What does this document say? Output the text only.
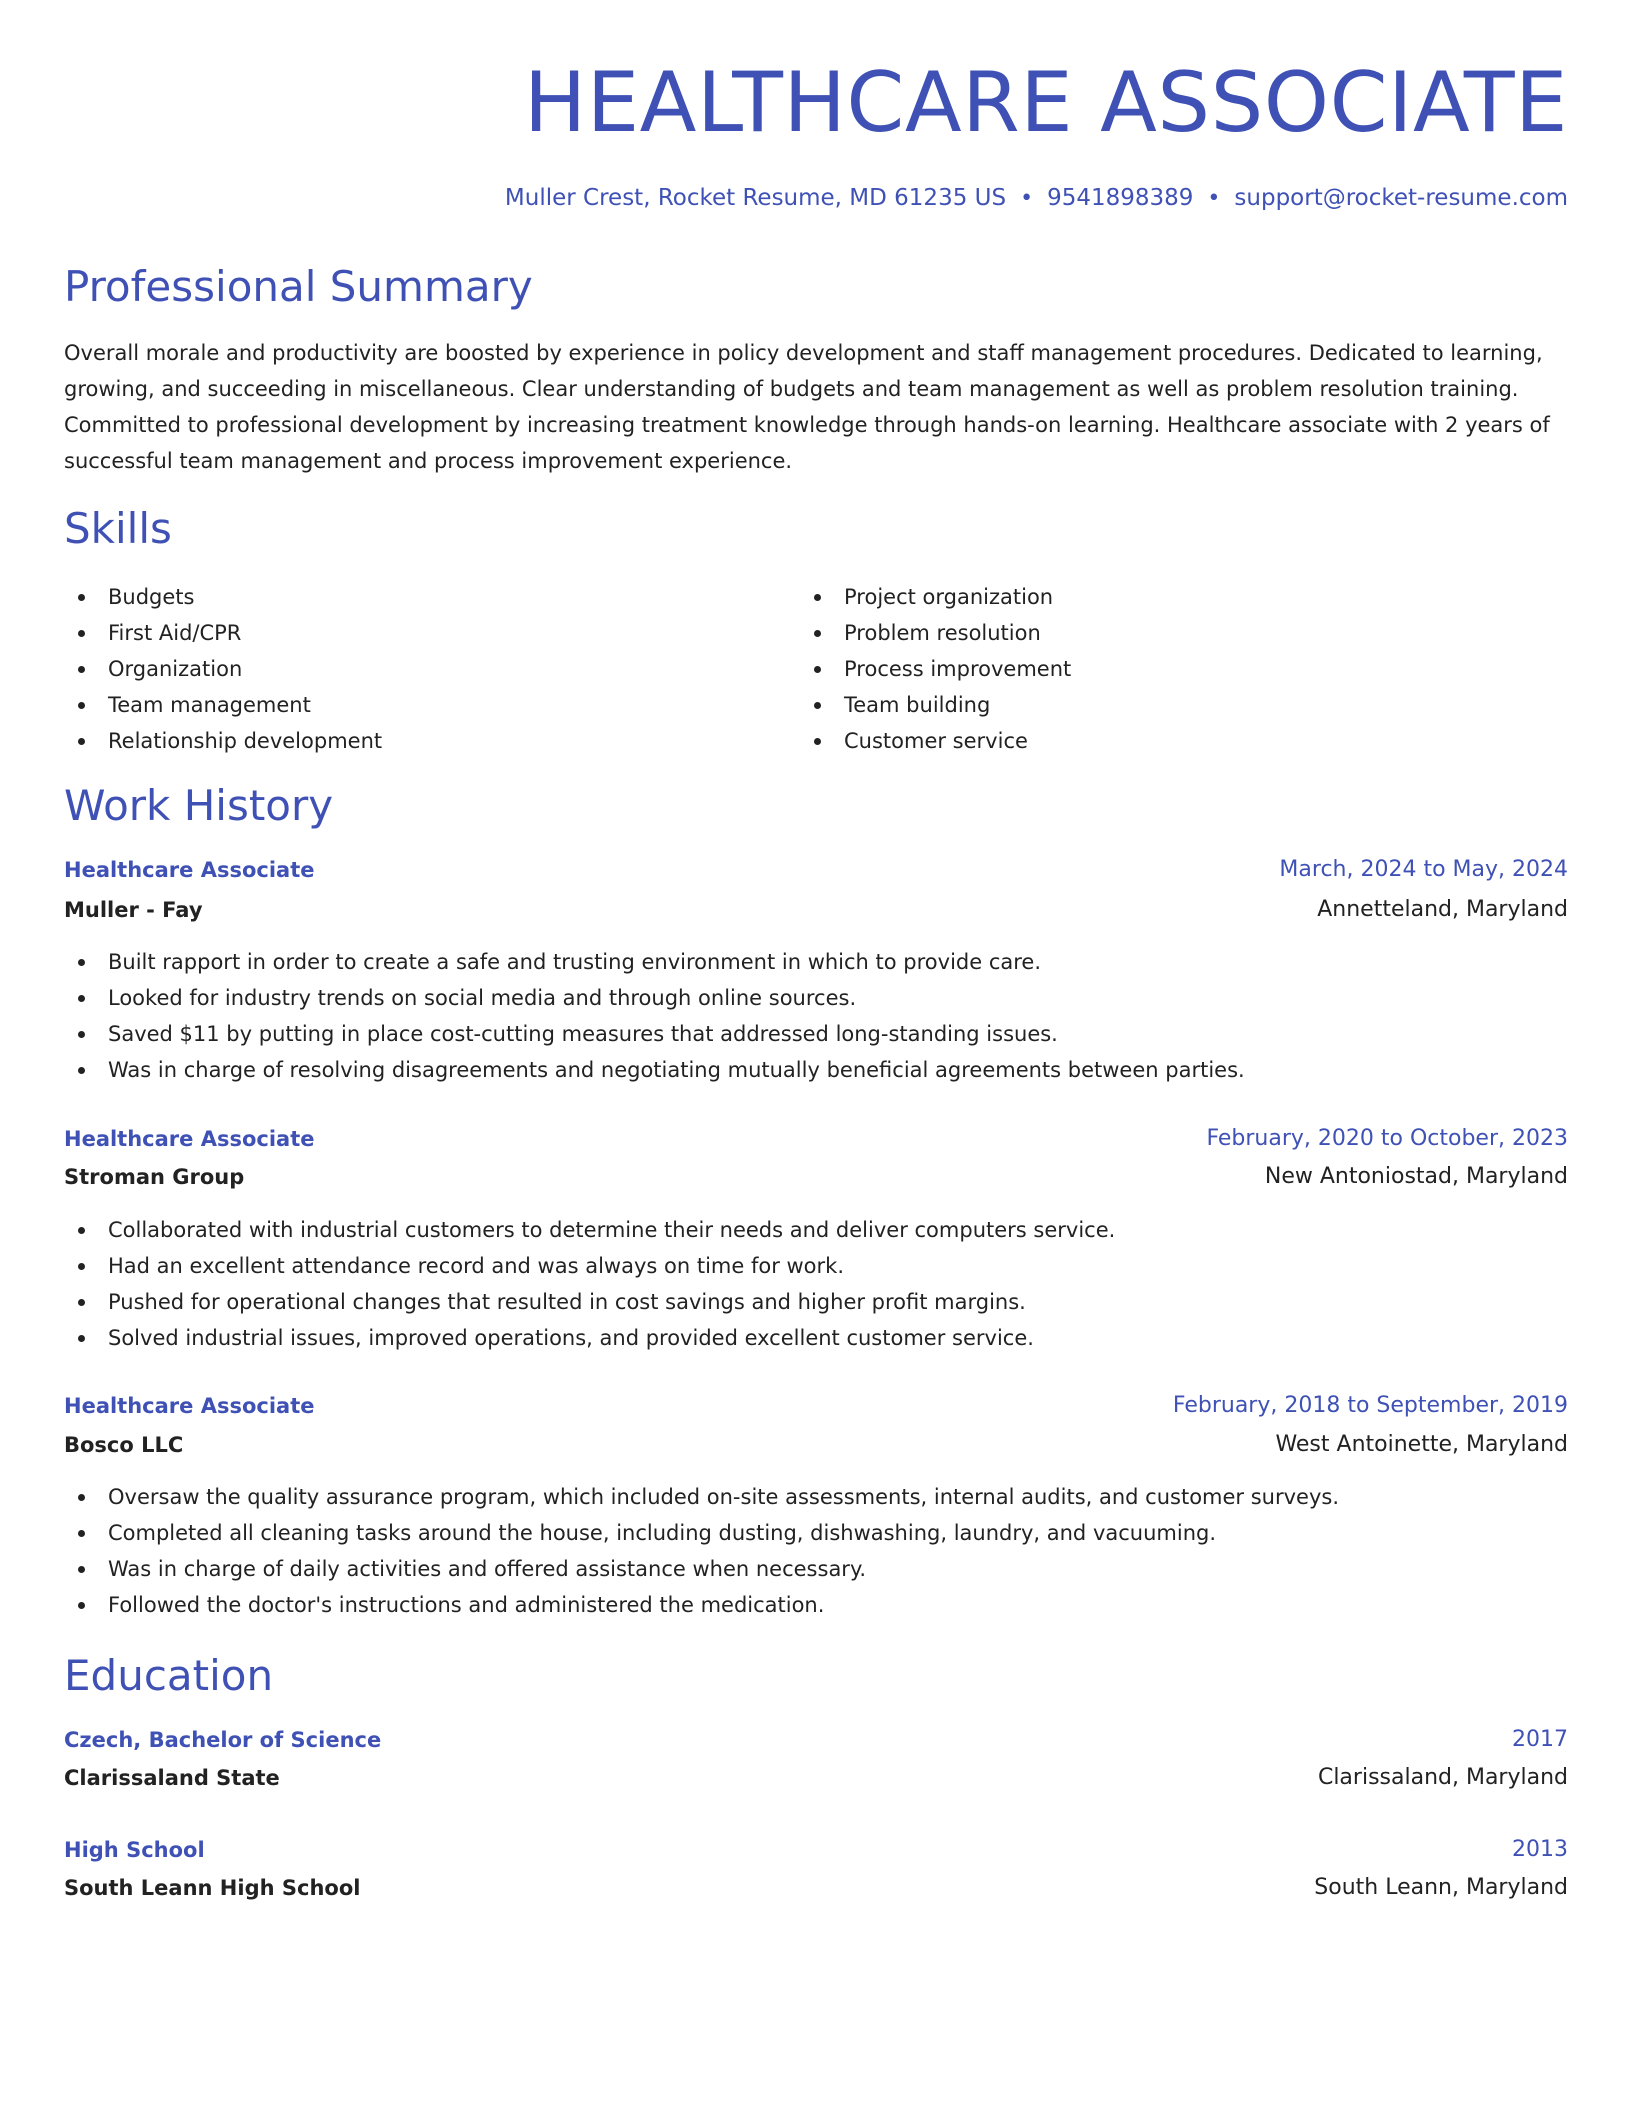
HEALTHCARE ASSOCIATE
Muller Crest, Rocket Resume, MD 61235 US • 9541898389 • support@rocket-resume.com
Professional Summary

Overall morale and productivity are boosted by experience in policy development and staff management procedures. Dedicated to learning,

growing, and succeeding in miscellaneous. Clear understanding of budgets and team management as well as problem resolution training.

Committed to professional development by increasing treatment knowledge through hands-on learning. Healthcare associate with 2 years of

successful team management and process improvement experience.

Skills
Budgets
First Aid/CPR
Organization
Team management
Relationship development
Project organization
Problem resolution
Process improvement
Team building
Customer service
Work History
Healthcare Associate	March, 2024 to May, 2024
Muller - Fay	Annetteland, Maryland
Built rapport in order to create a safe and trusting environment in which to provide care.
Looked for industry trends on social media and through online sources.
Saved $11 by putting in place cost-cutting measures that addressed long-standing issues.
Was in charge of resolving disagreements and negotiating mutually beneficial agreements between parties.
Healthcare Associate	February, 2020 to October, 2023
Stroman Group	New Antoniostad, Maryland
Collaborated with industrial customers to determine their needs and deliver computers service.
Had an excellent attendance record and was always on time for work.
Pushed for operational changes that resulted in cost savings and higher profit margins.
Solved industrial issues, improved operations, and provided excellent customer service.
Healthcare Associate	February, 2018 to September, 2019
Bosco LLC	West Antoinette, Maryland
Oversaw the quality assurance program, which included on-site assessments, internal audits, and customer surveys.
Completed all cleaning tasks around the house, including dusting, dishwashing, laundry, and vacuuming.
Was in charge of daily activities and offered assistance when necessary.
Followed the doctor's instructions and administered the medication.
Education
Czech, Bachelor of Science	2017
Clarissaland State	Clarissaland, Maryland
High School	2013
South Leann High School	South Leann, Maryland
